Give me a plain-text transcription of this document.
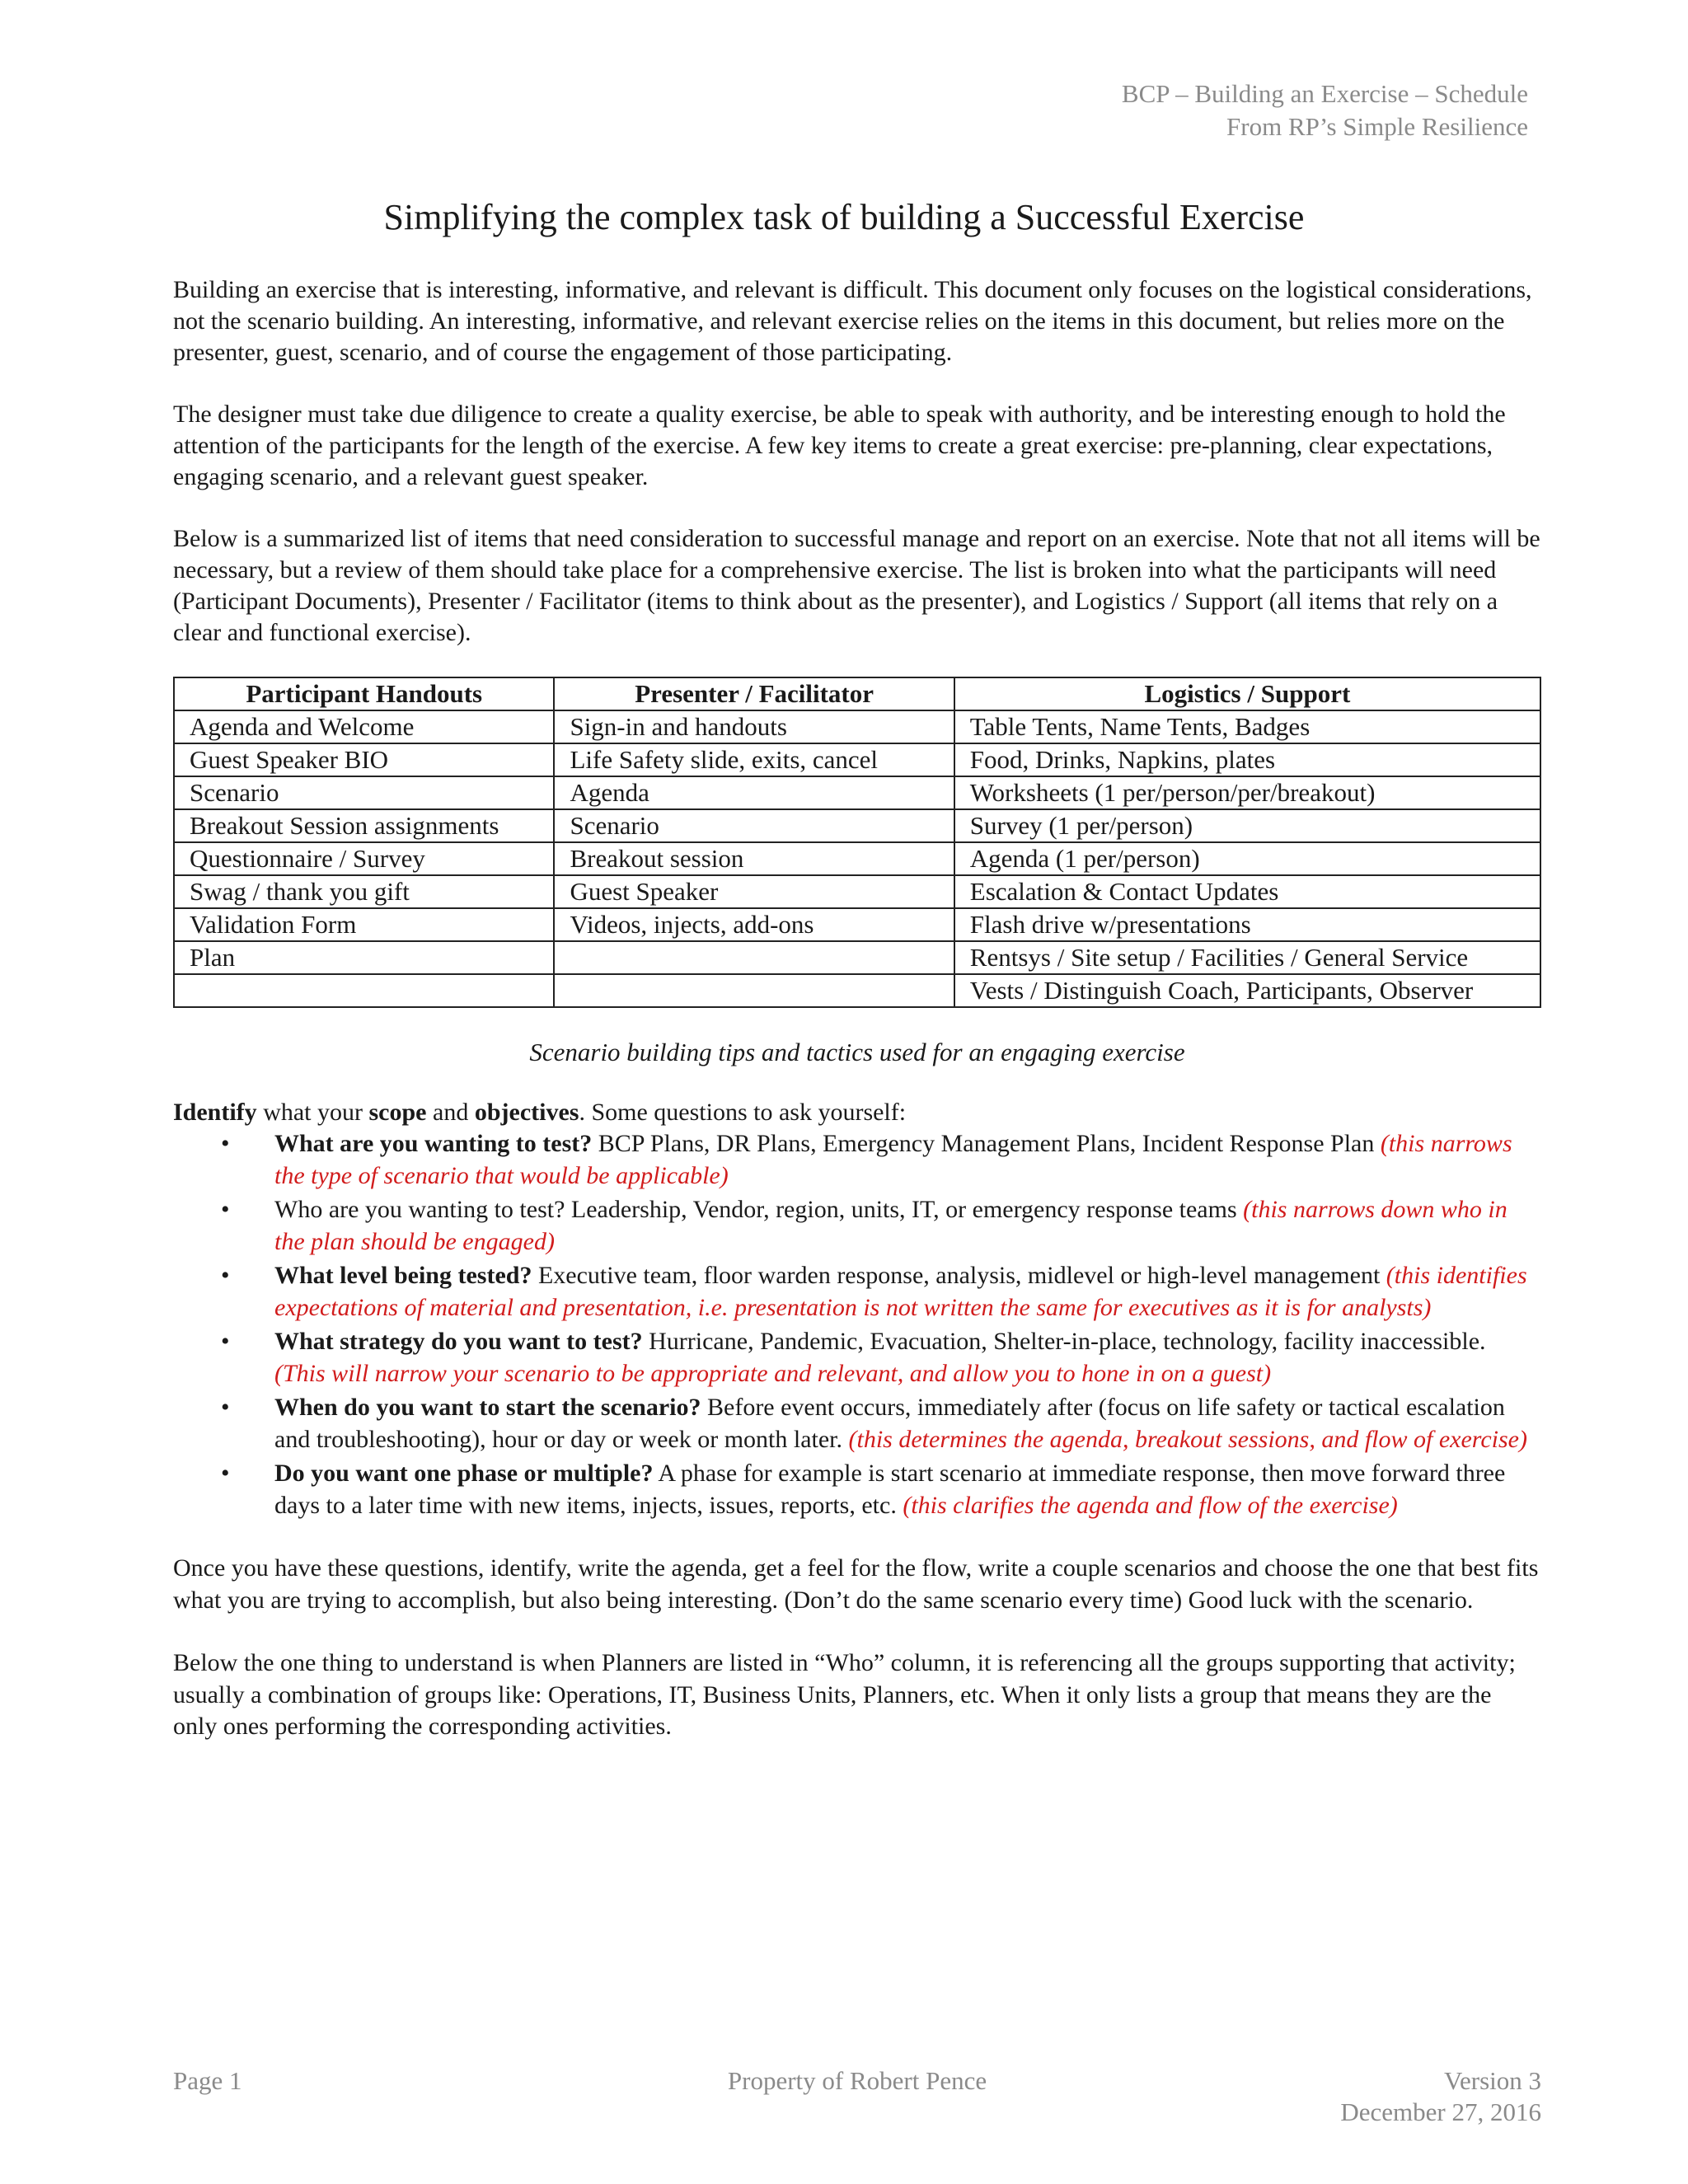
BCP – Building an Exercise – Schedule
From RP’s Simple Resilience
Simplifying the complex task of building a Successful Exercise

Building an exercise that is interesting, informative, and relevant is difficult. This document only focuses on the logistical considerations, not the scenario building. An interesting, informative, and relevant exercise relies on the items in this document, but relies more on the presenter, guest, scenario, and of course the engagement of those participating.

The designer must take due diligence to create a quality exercise, be able to speak with authority, and be interesting enough to hold the attention of the participants for the length of the exercise. A few key items to create a great exercise: pre-planning, clear expectations, engaging scenario, and a relevant guest speaker.

Below is a summarized list of items that need consideration to successful manage and report on an exercise. Note that not all items will be necessary, but a review of them should take place for a comprehensive exercise. The list is broken into what the participants will need (Participant Documents), Presenter / Facilitator (items to think about as the presenter), and Logistics / Support (all items that rely on a clear and functional exercise).

Participant Handouts	Presenter / Facilitator	Logistics / Support
Agenda and Welcome	Sign-in and handouts	Table Tents, Name Tents, Badges
Guest Speaker BIO	Life Safety slide, exits, cancel	Food, Drinks, Napkins, plates
Scenario	Agenda	Worksheets (1 per/person/per/breakout)
Breakout Session assignments	Scenario	Survey (1 per/person)
Questionnaire / Survey	Breakout session	Agenda (1 per/person)
Swag / thank you gift	Guest Speaker	Escalation & Contact Updates
Validation Form	Videos, injects, add-ons	Flash drive w/presentations
Plan		Rentsys / Site setup / Facilities / General Service
		Vests / Distinguish Coach, Participants, Observer
Scenario building tips and tactics used for an engaging exercise
Identify what your scope and objectives. Some questions to ask yourself:
• What are you wanting to test? BCP Plans, DR Plans, Emergency Management Plans, Incident Response Plan (this narrows the type of scenario that would be applicable)
• Who are you wanting to test? Leadership, Vendor, region, units, IT, or emergency response teams (this narrows down who in the plan should be engaged)
• What level being tested? Executive team, floor warden response, analysis, midlevel or high-level management (this identifies expectations of material and presentation, i.e. presentation is not written the same for executives as it is for analysts)
• What strategy do you want to test? Hurricane, Pandemic, Evacuation, Shelter-in-place, technology, facility inaccessible. (This will narrow your scenario to be appropriate and relevant, and allow you to hone in on a guest)
• When do you want to start the scenario? Before event occurs, immediately after (focus on life safety or tactical escalation and troubleshooting), hour or day or week or month later. (this determines the agenda, breakout sessions, and flow of exercise)
• Do you want one phase or multiple? A phase for example is start scenario at immediate response, then move forward three days to a later time with new items, injects, issues, reports, etc. (this clarifies the agenda and flow of the exercise)

Once you have these questions, identify, write the agenda, get a feel for the flow, write a couple scenarios and choose the one that best fits what you are trying to accomplish, but also being interesting. (Don’t do the same scenario every time) Good luck with the scenario.

Below the one thing to understand is when Planners are listed in “Who” column, it is referencing all the groups supporting that activity; usually a combination of groups like: Operations, IT, Business Units, Planners, etc. When it only lists a group that means they are the only ones performing the corresponding activities.

Page 1	Property of Robert Pence	Version 3
December 27, 2016
